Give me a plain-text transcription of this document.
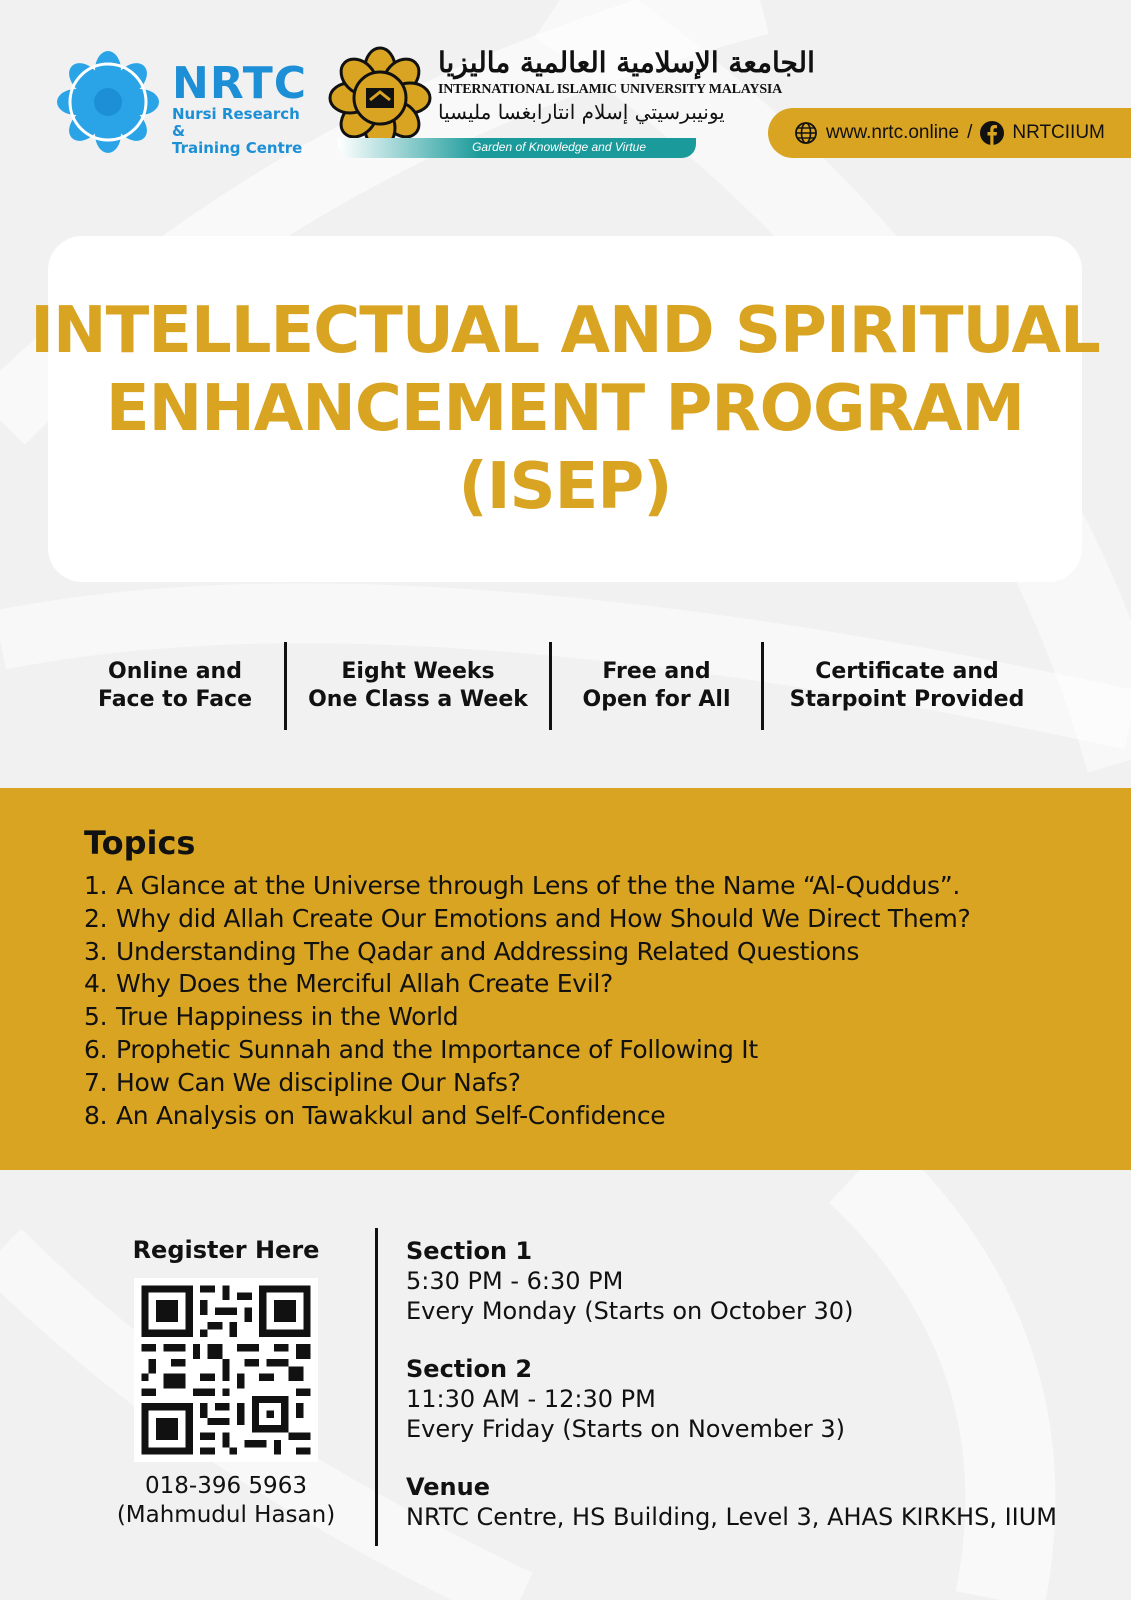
NRTC
Nursi Research &
Training Centre
الجامعة الإسلامية العالمية ماليزيا
INTERNATIONAL ISLAMIC UNIVERSITY MALAYSIA
يونيبرسيتي إسلام انتارابغسا مليسيا
Garden of Knowledge and Virtue
www.nrtc.online / NRTCIIUM
INTELLECTUAL AND SPIRITUAL
ENHANCEMENT PROGRAM
(ISEP)
Online and
Face to Face
Eight Weeks
One Class a Week
Free and
Open for All
Certificate and
Starpoint Provided
Topics
1. A Glance at the Universe through Lens of the the Name “Al-Quddus”.
2. Why did Allah Create Our Emotions and How Should We Direct Them?
3. Understanding The Qadar and Addressing Related Questions
4. Why Does the Merciful Allah Create Evil?
5. True Happiness in the World
6. Prophetic Sunnah and the Importance of Following It
7. How Can We discipline Our Nafs?
8. An Analysis on Tawakkul and Self-Confidence
Register Here
018-396 5963
(Mahmudul Hasan)
Section 1
5:30 PM - 6:30 PM
Every Monday (Starts on October 30)
Section 2
11:30 AM - 12:30 PM
Every Friday (Starts on November 3)
Venue
NRTC Centre, HS Building, Level 3, AHAS KIRKHS, IIUM
